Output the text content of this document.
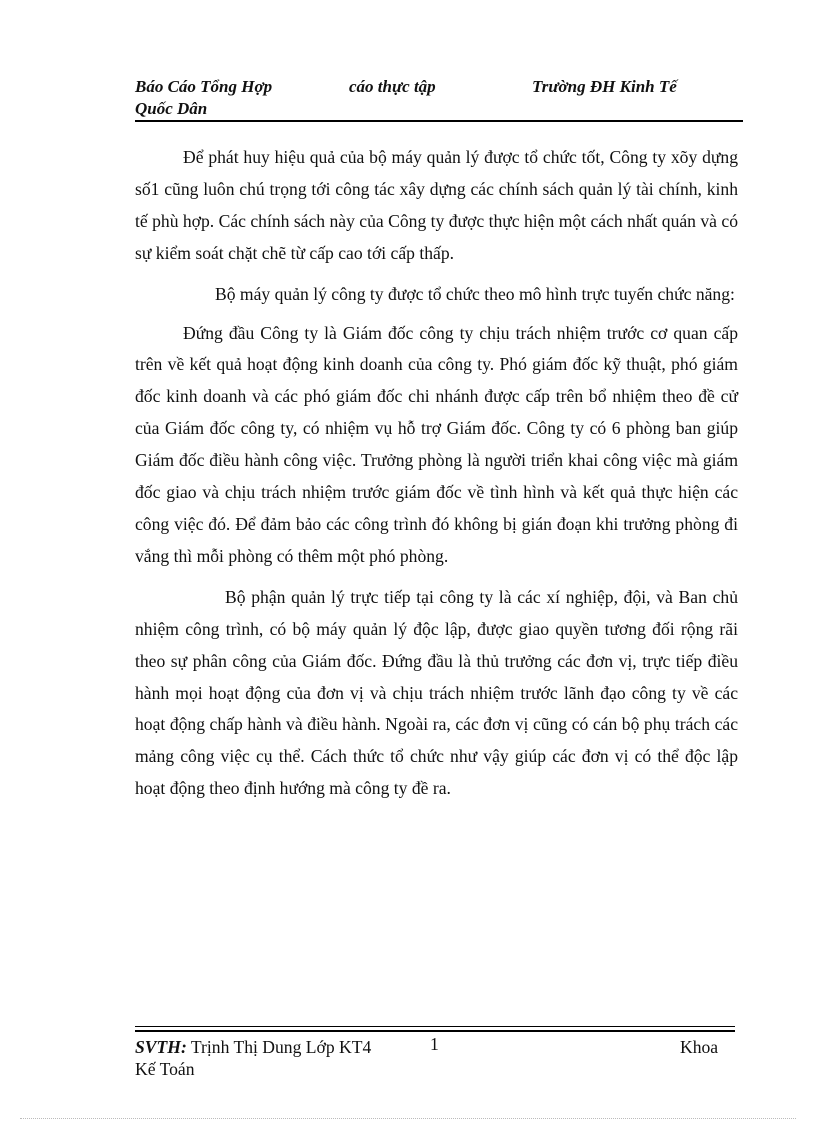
Báo Cáo Tổng Hợp	cáo thực tập	Trường ĐH Kinh Tế
Quốc Dân

Để phát huy hiệu quả của bộ máy quản lý được tổ chức tốt, Công ty xõy dựng số1 cũng luôn chú trọng tới công tác xây dựng các chính sách quản lý tài chính, kinh tế phù hợp. Các chính sách này của Công ty được thực hiện một cách nhất quán và có sự kiểm soát chặt chẽ từ cấp cao tới cấp thấp.

Bộ máy quản lý công ty được tổ chức theo mô hình trực tuyến chức năng:

Đứng đầu Công ty là Giám đốc công ty chịu trách nhiệm trước cơ quan cấp trên về kết quả hoạt động kinh doanh của công ty. Phó giám đốc kỹ thuật, phó giám đốc kinh doanh và các phó giám đốc chi nhánh được cấp trên bổ nhiệm theo đề cử của Giám đốc công ty, có nhiệm vụ hỗ trợ Giám đốc. Công ty có 6 phòng ban giúp Giám đốc điều hành công việc. Trưởng phòng là người triển khai công việc mà giám đốc giao và chịu trách nhiệm trước giám đốc về tình hình và kết quả thực hiện các công việc đó. Để đảm bảo các công trình đó không bị gián đoạn khi trưởng phòng đi vắng thì mỗi phòng có thêm một phó phòng.

Bộ phận quản lý trực tiếp tại công ty là các xí nghiệp, đội, và Ban chủ nhiệm công trình, có bộ máy quản lý độc lập, được giao quyền tương đối rộng rãi theo sự phân công của Giám đốc. Đứng đầu là thủ trưởng các đơn vị, trực tiếp điều hành mọi hoạt động của đơn vị và chịu trách nhiệm trước lãnh đạo công ty về các hoạt động chấp hành và điều hành. Ngoài ra, các đơn vị cũng có cán bộ phụ trách các mảng công việc cụ thể. Cách thức tổ chức như vậy giúp các đơn vị có thể độc lập hoạt động theo định hướng mà công ty đề ra.

SVTH: Trịnh Thị Dung Lớp KT4	1	Khoa
Kế Toán
